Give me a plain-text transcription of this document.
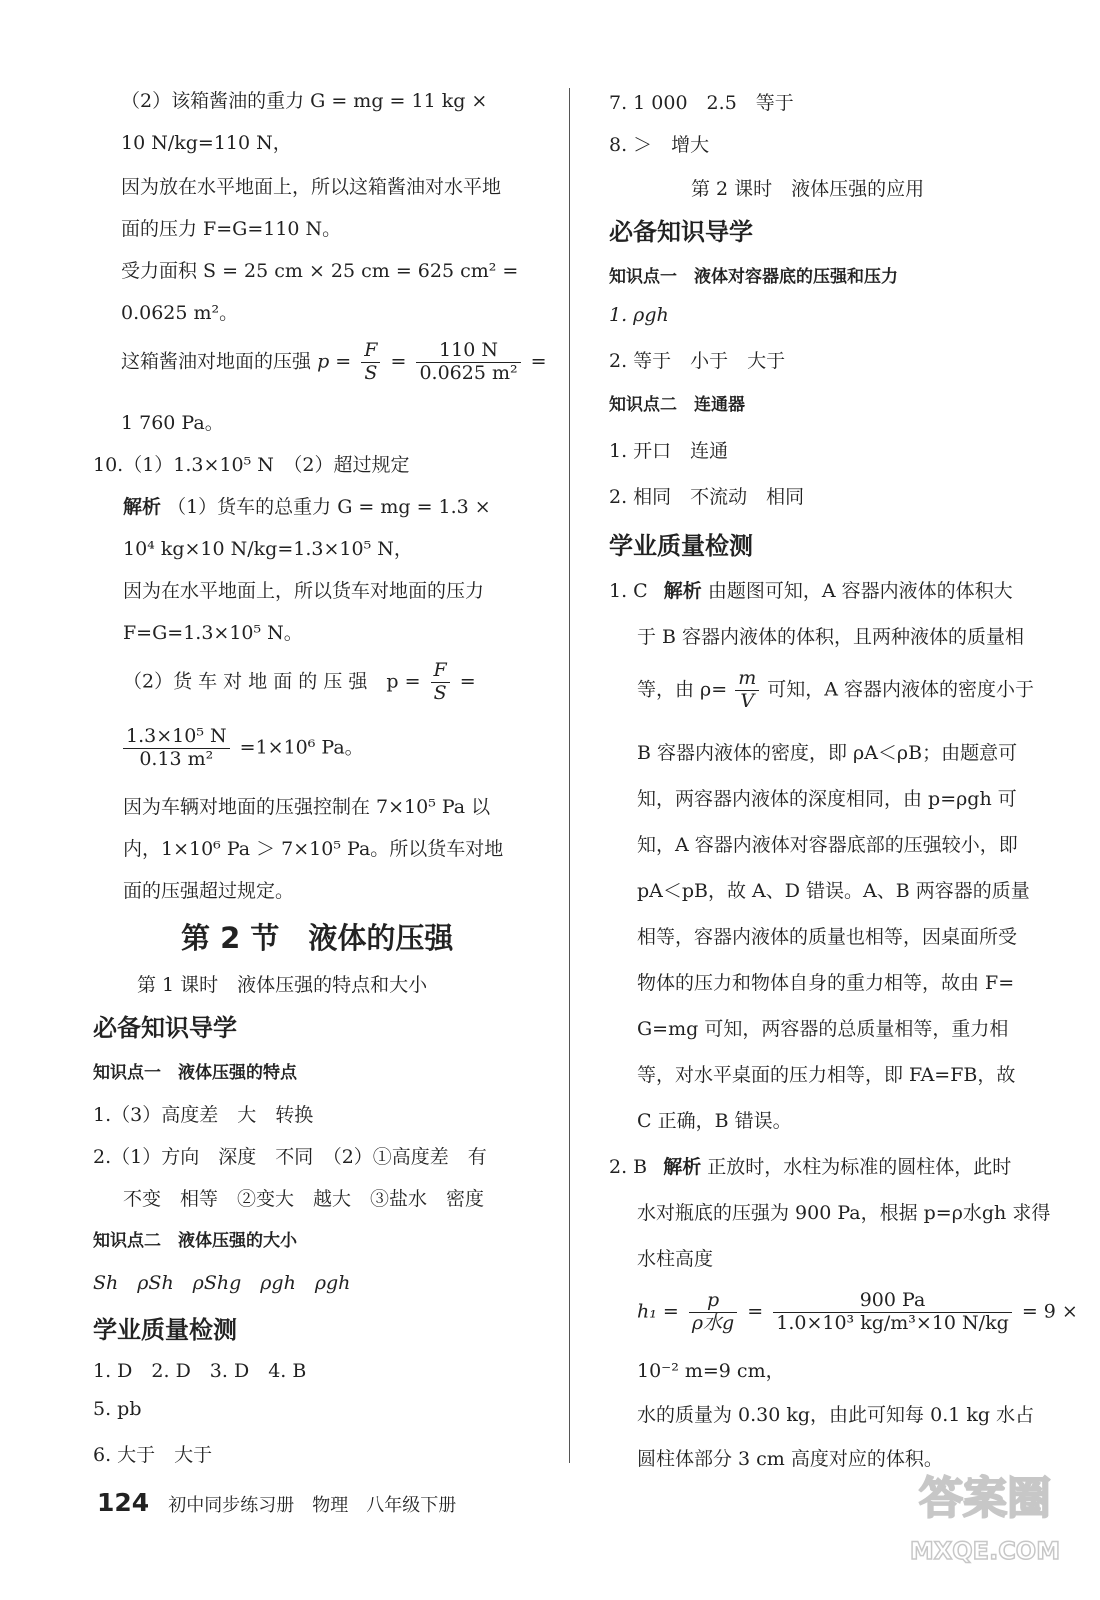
（2）该箱酱油的重力 G = mg = 11 kg ×
10 N/kg=110 N，
因为放在水平地面上，所以这箱酱油对水平地
面的压力 F=G=110 N。
受力面积 S = 25 cm × 25 cm = 625 cm² =
0.0625 m²。
这箱酱油对地面的压强 $p = \frac{F}{S} = \frac{110 N}{\text{0.0625 m²}}$ =
1 760 Pa。
10.（1）1.3×10⁵ N　（2）超过规定
解析 （1）货车的总重力 G = mg = 1.3 ×
10⁴ kg×10 N/kg=1.3×10⁵ N，
因为在水平地面上，所以货车对地面的压力
F=G=1.3×10⁵ N。
（2）货 车 对 地 面 的 压 强　$p = \frac{F}{S}$ =
$\frac{\text{1.3×10⁵ N}}{\text{0.13 m²}} =1\times 10^6$ Pa。
因为车辆对地面的压强控制在 7×10⁵ Pa 以
内，1×10⁶ Pa ＞ 7×10⁵ Pa。所以货车对地
面的压强超过规定。
第 2 节　液体的压强
第 1 课时　液体压强的特点和大小
必备知识导学
知识点一　液体压强的特点
1.（3）高度差　大　转换
2.（1）方向　深度　不同　（2）①高度差　有
不变　相等　②变大　越大　③盐水　密度
知识点二　液体压强的大小
Sh　ρSh　ρShg　ρgh　ρgh
学业质量检测
1. D　2. D　3. D　4. B
5. pb
6. 大于　大于
7. 1 000　2.5　等于
8. ＞　增大
第 2 课时　液体压强的应用
必备知识导学
知识点一　液体对容器底的压强和压力
1. ρgh
2. 等于　小于　大于
知识点二　连通器
1. 开口　连通
2. 相同　不流动　相同
学业质量检测
1. C 解析 由题图可知，A 容器内液体的体积大
于 B 容器内液体的体积，且两种液体的质量相
等，由 $\rho= \frac{m}{V}$ 可知，A 容器内液体的密度小于
B 容器内液体的密度，即 ρA＜ρB；由题意可
知，两容器内液体的深度相同，由 p=ρgh 可
知，A 容器内液体对容器底部的压强较小，即
pA＜pB，故 A、D 错误。A、B 两容器的质量
相等，容器内液体的质量也相等，因桌面所受
物体的压力和物体自身的重力相等，故由 F=
G=mg 可知，两容器的总质量相等，重力相
等，对水平桌面的压力相等，即 FA=FB，故
C 正确，B 错误。
2. B 解析 正放时，水柱为标准的圆柱体，此时
水对瓶底的压强为 900 Pa，根据 p=ρ水gh 求得
水柱高度
$h_1 = \frac{p}{\text{ρ水g}} = \frac{900 Pa}{\text{1.0×10³ kg/m³×10 N/kg}} = 9$ ×
10⁻² m=9 cm，
水的质量为 0.30 kg，由此可知每 0.1 kg 水占
圆柱体部分 3 cm 高度对应的体积。
124 初中同步练习册　物理　八年级下册	答案圈
MXQE.COM
